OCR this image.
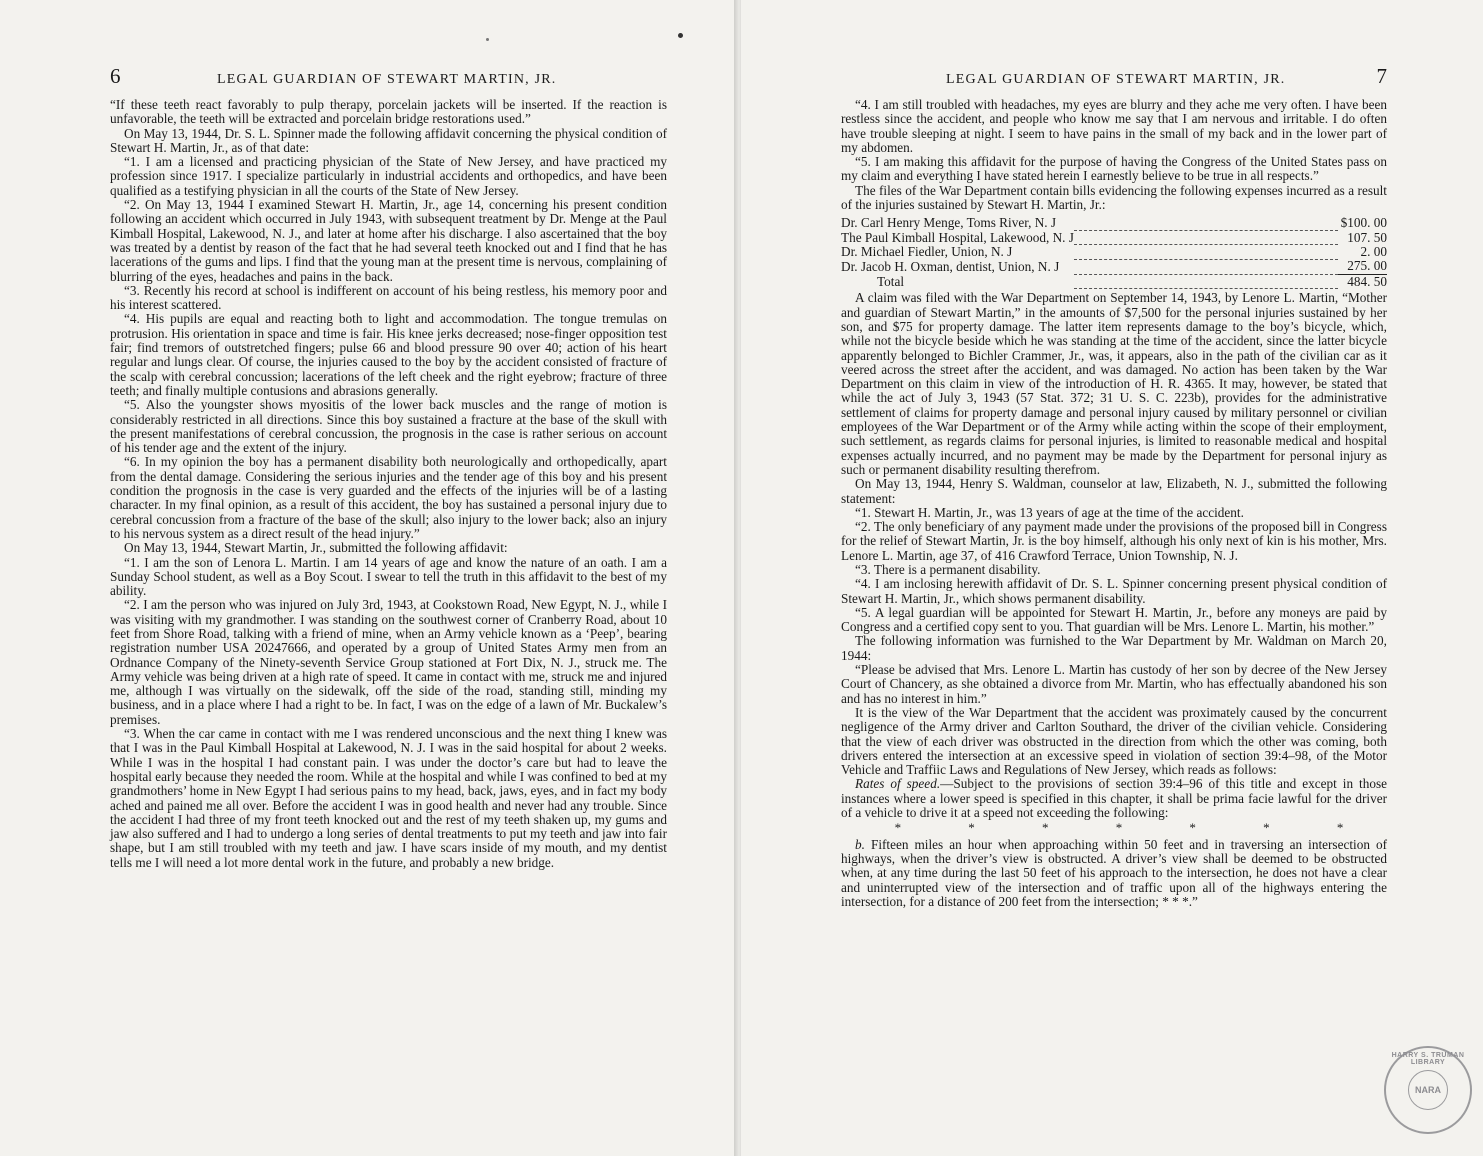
6	LEGAL GUARDIAN OF STEWART MARTIN, JR.

“If these teeth react favorably to pulp therapy, porcelain jackets will be inserted. If the reaction is unfavorable, the teeth will be extracted and porcelain bridge restorations used.”

On May 13, 1944, Dr. S. L. Spinner made the following affidavit concerning the physical condition of Stewart H. Martin, Jr., as of that date:

“1. I am a licensed and practicing physician of the State of New Jersey, and have practiced my profession since 1917. I specialize particularly in industrial accidents and orthopedics, and have been qualified as a testifying physician in all the courts of the State of New Jersey.

“2. On May 13, 1944 I examined Stewart H. Martin, Jr., age 14, concerning his present condition following an accident which occurred in July 1943, with subsequent treatment by Dr. Menge at the Paul Kimball Hospital, Lakewood, N. J., and later at home after his discharge. I also ascertained that the boy was treated by a dentist by reason of the fact that he had several teeth knocked out and I find that he has lacerations of the gums and lips. I find that the young man at the present time is nervous, complaining of blurring of the eyes, headaches and pains in the back.

“3. Recently his record at school is indifferent on account of his being restless, his memory poor and his interest scattered.

“4. His pupils are equal and reacting both to light and accommodation. The tongue tremulas on protrusion. His orientation in space and time is fair. His knee jerks decreased; nose-finger opposition test fair; find tremors of outstretched fingers; pulse 66 and blood pressure 90 over 40; action of his heart regular and lungs clear. Of course, the injuries caused to the boy by the accident consisted of fracture of the scalp with cerebral concussion; lacerations of the left cheek and the right eyebrow; fracture of three teeth; and finally multiple contusions and abrasions generally.

“5. Also the youngster shows myositis of the lower back muscles and the range of motion is considerably restricted in all directions. Since this boy sustained a fracture at the base of the skull with the present manifestations of cerebral concussion, the prognosis in the case is rather serious on account of his tender age and the extent of the injury.

“6. In my opinion the boy has a permanent disability both neurologically and orthopedically, apart from the dental damage. Considering the serious injuries and the tender age of this boy and his present condition the prognosis in the case is very guarded and the effects of the injuries will be of a lasting character. In my final opinion, as a result of this accident, the boy has sustained a personal injury due to cerebral concussion from a fracture of the base of the skull; also injury to the lower back; also an injury to his nervous system as a direct result of the head injury.”

On May 13, 1944, Stewart Martin, Jr., submitted the following affidavit:

“1. I am the son of Lenora L. Martin. I am 14 years of age and know the nature of an oath. I am a Sunday School student, as well as a Boy Scout. I swear to tell the truth in this affidavit to the best of my ability.

“2. I am the person who was injured on July 3rd, 1943, at Cookstown Road, New Egypt, N. J., while I was visiting with my grandmother. I was standing on the southwest corner of Cranberry Road, about 10 feet from Shore Road, talking with a friend of mine, when an Army vehicle known as a ‘Peep’, bearing registration number USA 20247666, and operated by a group of United States Army men from an Ordnance Company of the Ninety-seventh Service Group stationed at Fort Dix, N. J., struck me. The Army vehicle was being driven at a high rate of speed. It came in contact with me, struck me and injured me, although I was virtually on the sidewalk, off the side of the road, standing still, minding my business, and in a place where I had a right to be. In fact, I was on the edge of a lawn of Mr. Buckalew’s premises.

“3. When the car came in contact with me I was rendered unconscious and the next thing I knew was that I was in the Paul Kimball Hospital at Lakewood, N. J. I was in the said hospital for about 2 weeks. While I was in the hospital I had constant pain. I was under the doctor’s care but had to leave the hospital early because they needed the room. While at the hospital and while I was confined to bed at my grandmothers’ home in New Egypt I had serious pains to my head, back, jaws, eyes, and in fact my body ached and pained me all over. Before the accident I was in good health and never had any trouble. Since the accident I had three of my front teeth knocked out and the rest of my teeth shaken up, my gums and jaw also suffered and I had to undergo a long series of dental treatments to put my teeth and jaw into fair shape, but I am still troubled with my teeth and jaw. I have scars inside of my mouth, and my dentist tells me I will need a lot more dental work in the future, and probably a new bridge.

LEGAL GUARDIAN OF STEWART MARTIN, JR.	7

“4. I am still troubled with headaches, my eyes are blurry and they ache me very often. I have been restless since the accident, and people who know me say that I am nervous and irritable. I do often have trouble sleeping at night. I seem to have pains in the small of my back and in the lower part of my abdomen.

“5. I am making this affidavit for the purpose of having the Congress of the United States pass on my claim and everything I have stated herein I earnestly believe to be true in all respects.”

The files of the War Department contain bills evidencing the following expenses incurred as a result of the injuries sustained by Stewart H. Martin, Jr.:

Dr. Carl Henry Menge, Toms River, N. J		$100. 00
The Paul Kimball Hospital, Lakewood, N. J		107. 50
Dr. Michael Fiedler, Union, N. J		2. 00
Dr. Jacob H. Oxman, dentist, Union, N. J		275. 00
Total		484. 50

A claim was filed with the War Department on September 14, 1943, by Lenore L. Martin, “Mother and guardian of Stewart Martin,” in the amounts of $7,500 for the personal injuries sustained by her son, and $75 for property damage. The latter item represents damage to the boy’s bicycle, which, while not the bicycle beside which he was standing at the time of the accident, since the latter bicycle apparently belonged to Bichler Crammer, Jr., was, it appears, also in the path of the civilian car as it veered across the street after the accident, and was damaged. No action has been taken by the War Department on this claim in view of the introduction of H. R. 4365. It may, however, be stated that while the act of July 3, 1943 (57 Stat. 372; 31 U. S. C. 223b), provides for the administrative settlement of claims for property damage and personal injury caused by military personnel or civilian employees of the War Department or of the Army while acting within the scope of their employment, such settlement, as regards claims for personal injuries, is limited to reasonable medical and hospital expenses actually incurred, and no payment may be made by the Department for personal injury as such or permanent disability resulting therefrom.

On May 13, 1944, Henry S. Waldman, counselor at law, Elizabeth, N. J., submitted the following statement:

“1. Stewart H. Martin, Jr., was 13 years of age at the time of the accident.

“2. The only beneficiary of any payment made under the provisions of the proposed bill in Congress for the relief of Stewart Martin, Jr. is the boy himself, although his only next of kin is his mother, Mrs. Lenore L. Martin, age 37, of 416 Crawford Terrace, Union Township, N. J.

“3. There is a permanent disability.

“4. I am inclosing herewith affidavit of Dr. S. L. Spinner concerning present physical condition of Stewart H. Martin, Jr., which shows permanent disability.

“5. A legal guardian will be appointed for Stewart H. Martin, Jr., before any moneys are paid by Congress and a certified copy sent to you. That guardian will be Mrs. Lenore L. Martin, his mother.”

The following information was furnished to the War Department by Mr. Waldman on March 20, 1944:

“Please be advised that Mrs. Lenore L. Martin has custody of her son by decree of the New Jersey Court of Chancery, as she obtained a divorce from Mr. Martin, who has effectually abandoned his son and has no interest in him.”

It is the view of the War Department that the accident was proximately caused by the concurrent negligence of the Army driver and Carlton Southard, the driver of the civilian vehicle. Considering that the view of each driver was obstructed in the direction from which the other was coming, both drivers entered the intersection at an excessive speed in violation of section 39:4–98, of the Motor Vehicle and Traffiic Laws and Regulations of New Jersey, which reads as follows:

Rates of speed.—Subject to the provisions of section 39:4–96 of this title and except in those instances where a lower speed is specified in this chapter, it shall be prima facie lawful for the driver of a vehicle to drive it at a speed not exceeding the following:

*	*	*	*	*	*	*

b. Fifteen miles an hour when approaching within 50 feet and in traversing an intersection of highways, when the driver’s view is obstructed. A driver’s view shall be deemed to be obstructed when, at any time during the last 50 feet of his approach to the intersection, he does not have a clear and uninterrupted view of the intersection and of traffic upon all of the highways entering the intersection, for a distance of 200 feet from the intersection; * * *.”

HARRY S. TRUMAN LIBRARY
NARA
